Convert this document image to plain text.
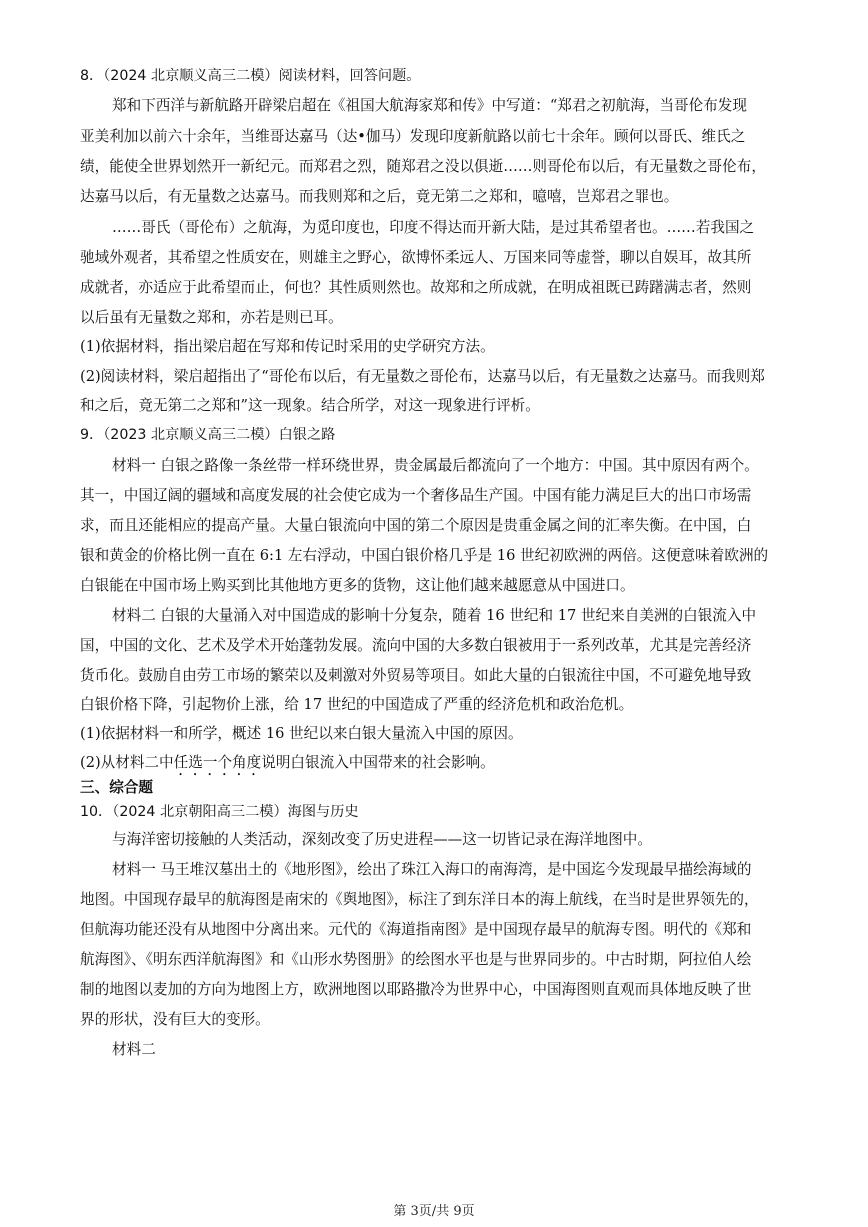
8．（2024 北京顺义高三二模）阅读材料，回答问题。
郑和下西洋与新航路开辟梁启超在《祖国大航海家郑和传》中写道：“郑君之初航海，当哥伦布发现
亚美利加以前六十余年，当维哥达嘉马（达•伽马）发现印度新航路以前七十余年。顾何以哥氏、维氏之
绩，能使全世界划然开一新纪元。而郑君之烈，随郑君之没以俱逝……则哥伦布以后，有无量数之哥伦布，
达嘉马以后，有无量数之达嘉马。而我则郑和之后，竟无第二之郑和，噫嘻，岂郑君之罪也。
……哥氏（哥伦布）之航海，为觅印度也，印度不得达而开新大陆，是过其希望者也。……若我国之
驰域外观者，其希望之性质安在，则雄主之野心，欲博怀柔远人、万国来同等虚誉，聊以自娱耳，故其所
成就者，亦适应于此希望而止，何也？其性质则然也。故郑和之所成就，在明成祖既已踌躇满志者，然则
以后虽有无量数之郑和，亦若是则已耳。
(1)依据材料，指出梁启超在写郑和传记时采用的史学研究方法。
(2)阅读材料，梁启超指出了“哥伦布以后，有无量数之哥伦布，达嘉马以后，有无量数之达嘉马。而我则郑
和之后，竟无第二之郑和”这一现象。结合所学，对这一现象进行评析。
9．（2023 北京顺义高三二模）白银之路
材料一 白银之路像一条丝带一样环绕世界，贵金属最后都流向了一个地方：中国。其中原因有两个。
其一，中国辽阔的疆域和高度发展的社会使它成为一个奢侈品生产国。中国有能力满足巨大的出口市场需
求，而且还能相应的提高产量。大量白银流向中国的第二个原因是贵重金属之间的汇率失衡。在中国，白
银和黄金的价格比例一直在 6:1 左右浮动，中国白银价格几乎是 16 世纪初欧洲的两倍。这便意味着欧洲的
白银能在中国市场上购买到比其他地方更多的货物，这让他们越来越愿意从中国进口。
材料二 白银的大量涌入对中国造成的影响十分复杂，随着 16 世纪和 17 世纪来自美洲的白银流入中
国，中国的文化、艺术及学术开始蓬勃发展。流向中国的大多数白银被用于一系列改革，尤其是完善经济
货币化。鼓励自由劳工市场的繁荣以及刺激对外贸易等项目。如此大量的白银流往中国，不可避免地导致
白银价格下降，引起物价上涨，给 17 世纪的中国造成了严重的经济危机和政治危机。
(1)依据材料一和所学，概述 16 世纪以来白银大量流入中国的原因。
(2)从材料二中任选一个角度说明白银流入中国带来的社会影响。
三、综合题
10．（2024 北京朝阳高三二模）海图与历史
与海洋密切接触的人类活动，深刻改变了历史进程——这一切皆记录在海洋地图中。
材料一 马王堆汉墓出土的《地形图》，绘出了珠江入海口的南海湾，是中国迄今发现最早描绘海域的
地图。中国现存最早的航海图是南宋的《舆地图》，标注了到东洋日本的海上航线，在当时是世界领先的，
但航海功能还没有从地图中分离出来。元代的《海道指南图》是中国现存最早的航海专图。明代的《郑和
航海图》、《明东西洋航海图》和《山形水势图册》的绘图水平也是与世界同步的。中古时期，阿拉伯人绘
制的地图以麦加的方向为地图上方，欧洲地图以耶路撒冷为世界中心，中国海图则直观而具体地反映了世
界的形状，没有巨大的变形。
材料二
第 3页/共 9页
